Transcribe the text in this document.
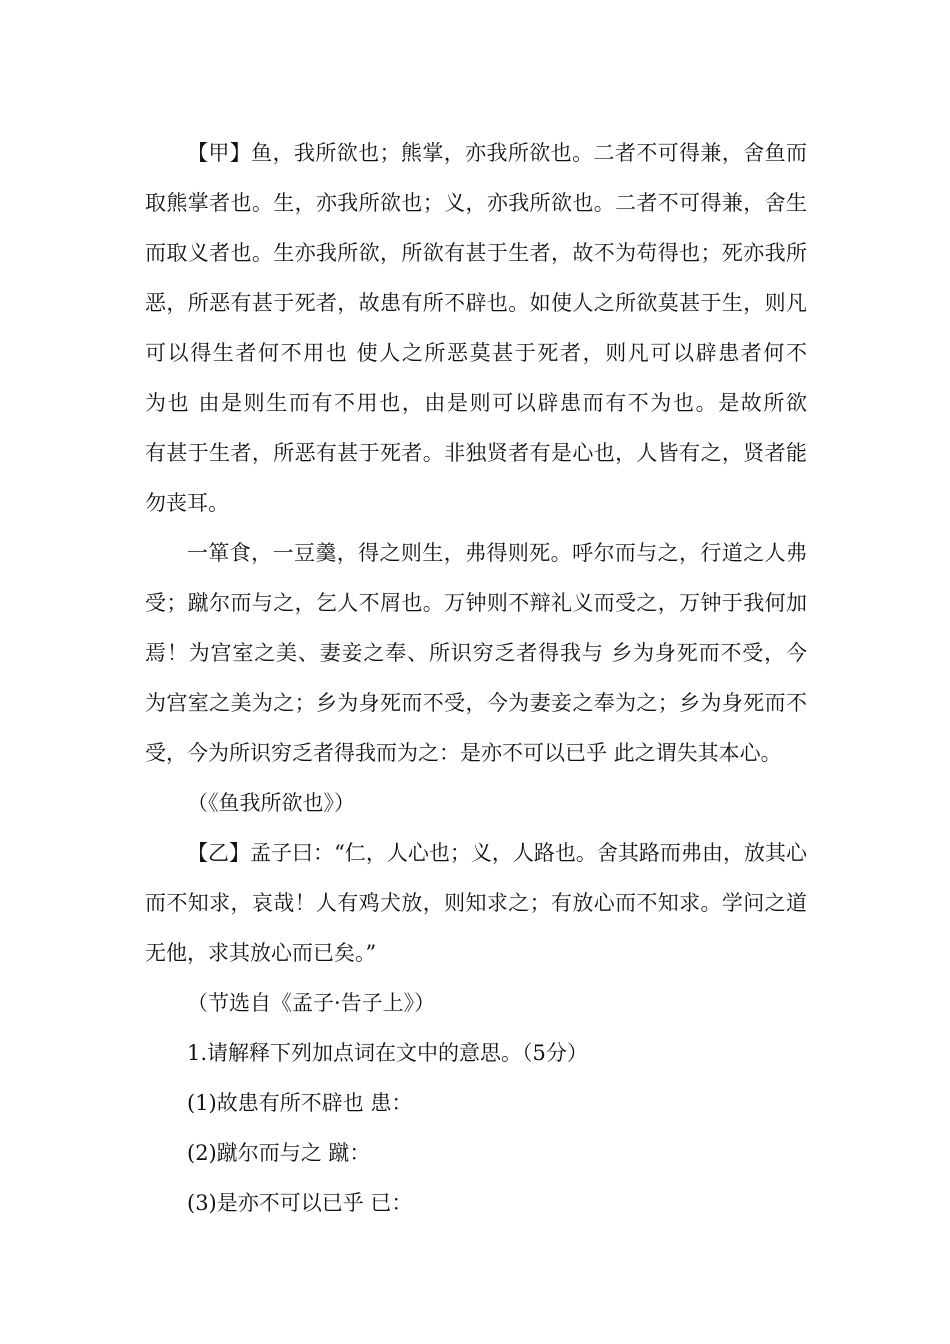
【甲】鱼，我所欲也；熊掌，亦我所欲也。二者不可得兼，舍鱼而
取熊掌者也。生，亦我所欲也；义，亦我所欲也。二者不可得兼，舍生
而取义者也。生亦我所欲，所欲有甚于生者，故不为苟得也；死亦我所
恶，所恶有甚于死者，故患有所不辟也。如使人之所欲莫甚于生，则凡
可以得生者何不用也 使人之所恶莫甚于死者，则凡可以辟患者何不
为也 由是则生而有不用也，由是则可以辟患而有不为也。是故所欲
有甚于生者，所恶有甚于死者。非独贤者有是心也，人皆有之，贤者能
勿丧耳。
一箪食，一豆羹，得之则生，弗得则死。呼尔而与之，行道之人弗
受；蹴尔而与之，乞人不屑也。万钟则不辩礼义而受之，万钟于我何加
焉！为宫室之美、妻妾之奉、所识穷乏者得我与 乡为身死而不受，今
为宫室之美为之；乡为身死而不受，今为妻妾之奉为之；乡为身死而不
受，今为所识穷乏者得我而为之：是亦不可以已乎 此之谓失其本心。
（《鱼我所欲也》）
【乙】孟子曰：“仁，人心也；义，人路也。舍其路而弗由，放其心
而不知求，哀哉！人有鸡犬放，则知求之；有放心而不知求。学问之道
无他，求其放心而已矣。”
（节选自《孟子·告子上》）
1.请解释下列加点词在文中的意思。（5分）
(1)故患有所不辟也 患：
(2)蹴尔而与之 蹴：
(3)是亦不可以已乎 已：
